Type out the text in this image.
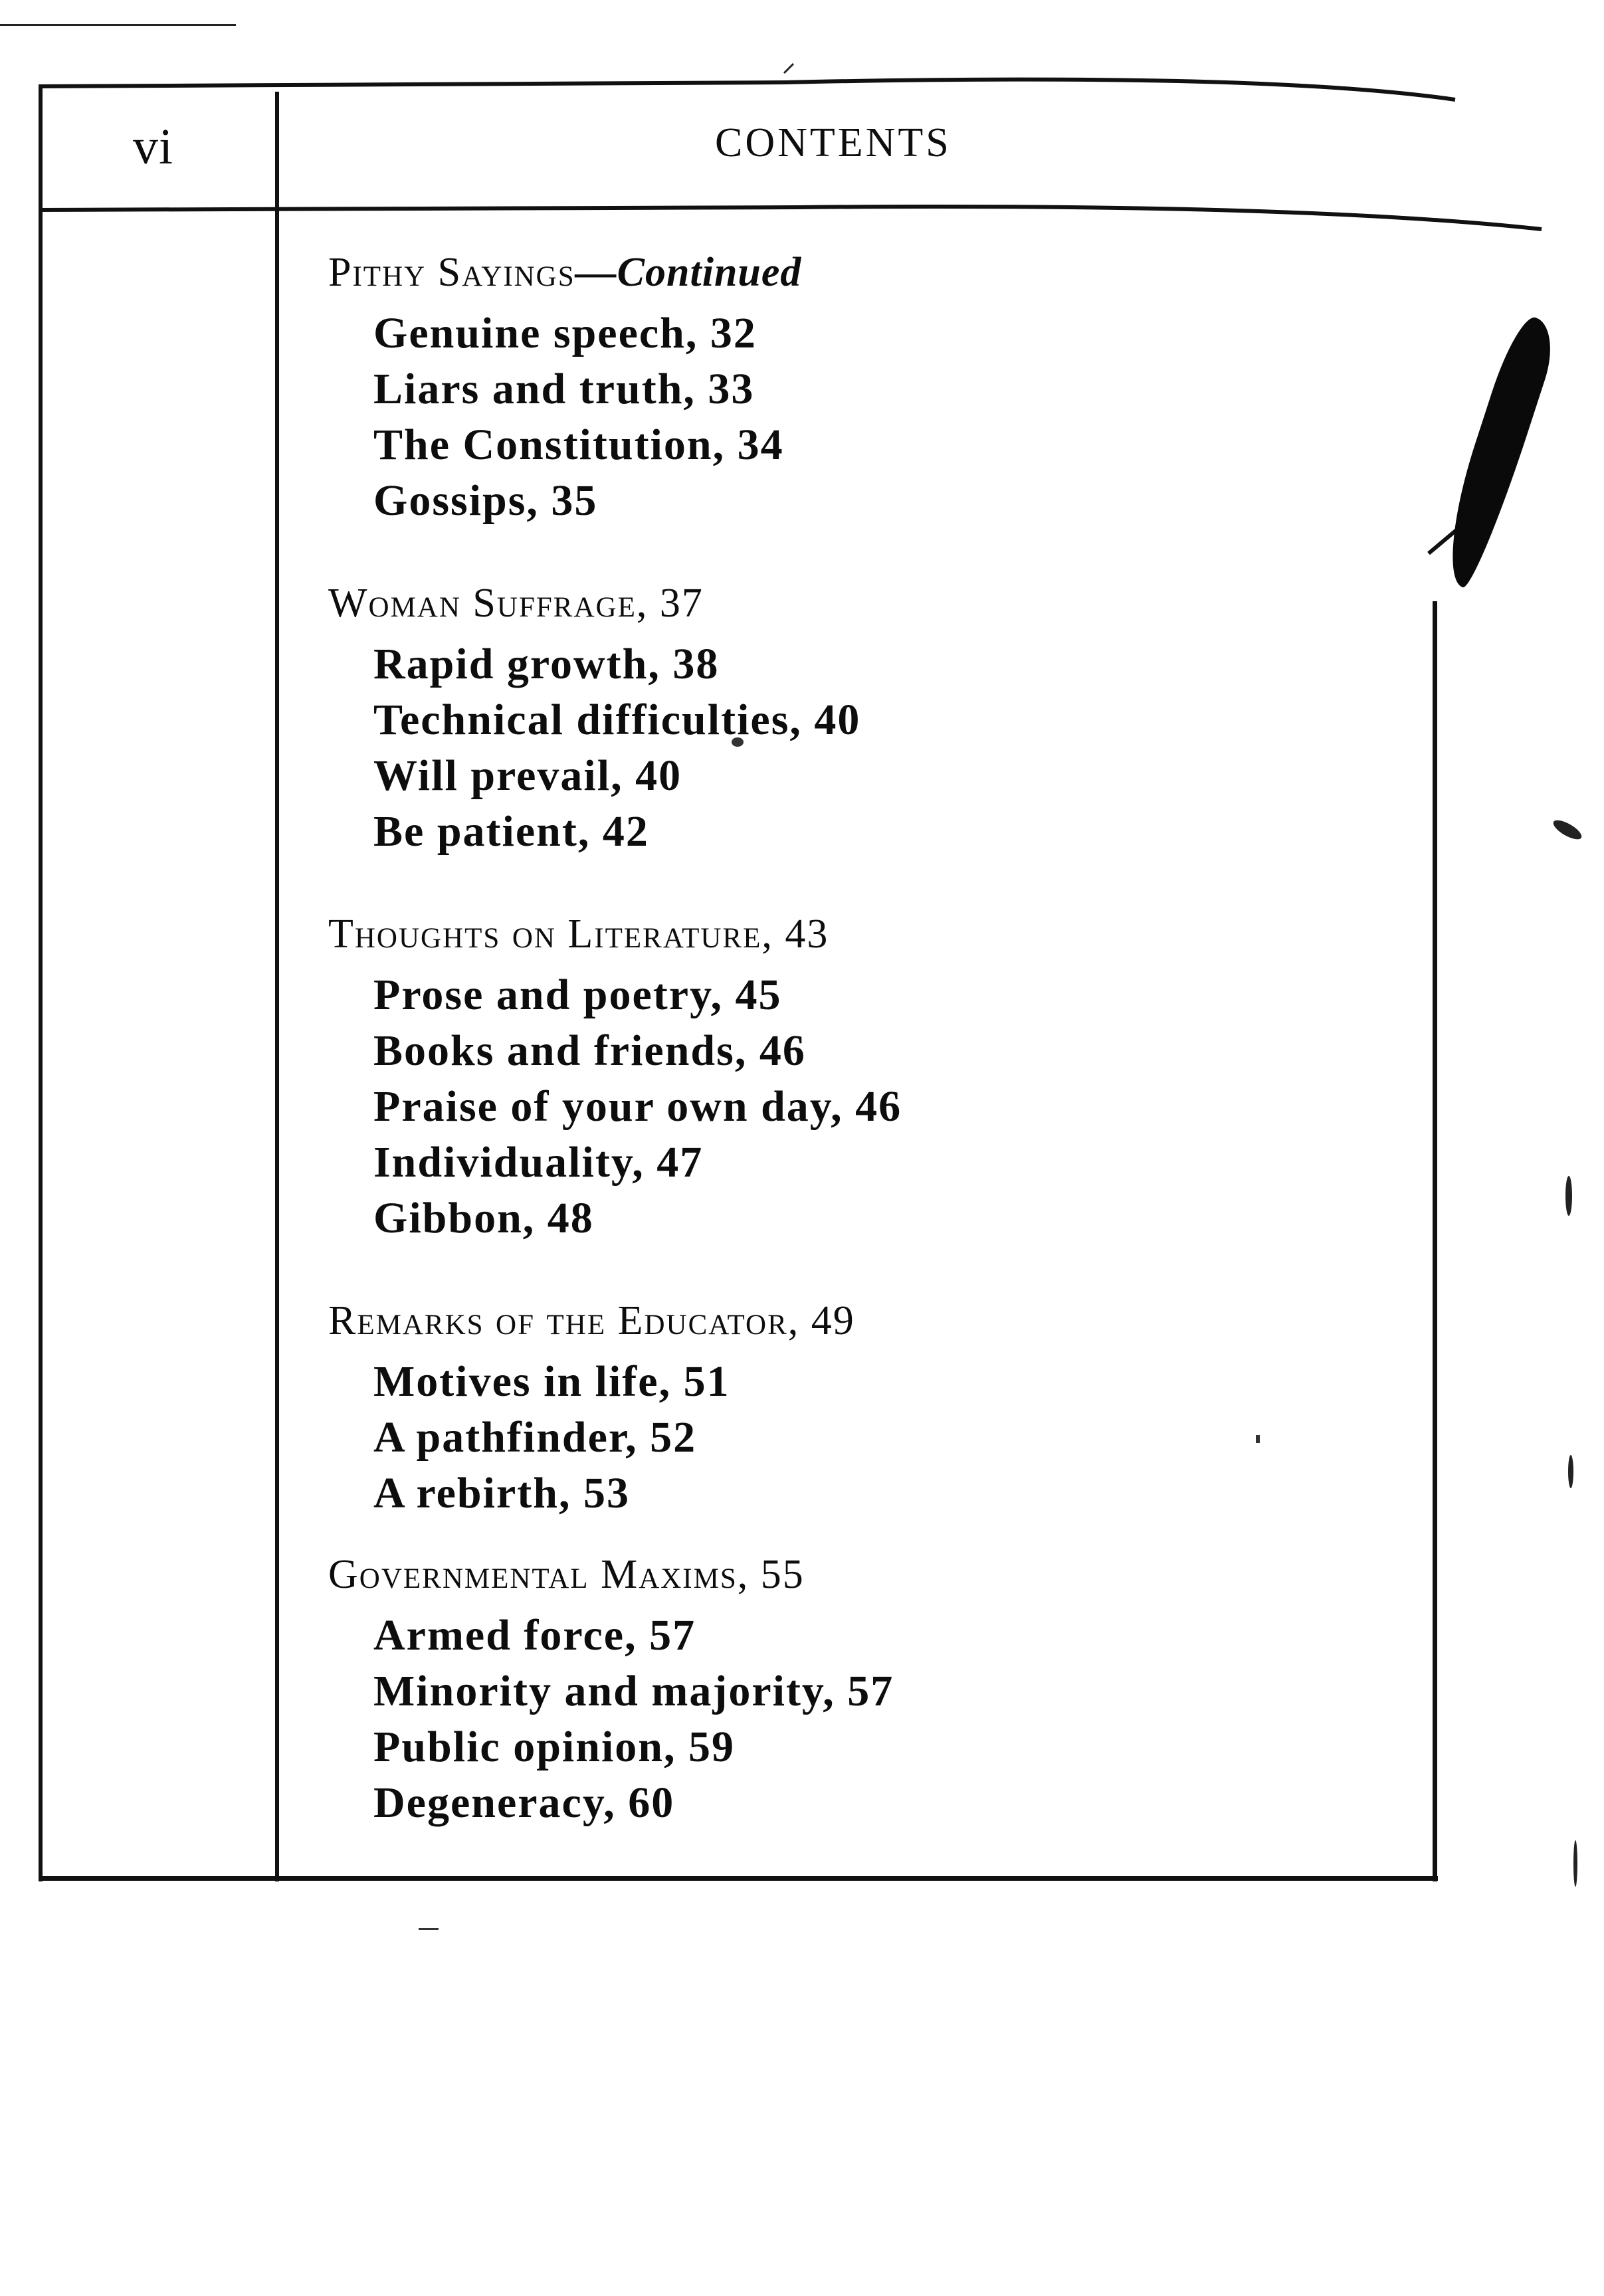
vi	CONTENTS
Pithy Sayings—Continued
Genuine speech, 32
Liars and truth, 33
The Constitution, 34
Gossips, 35
Woman Suffrage, 37
Rapid growth, 38
Technical difficulties, 40
Will prevail, 40
Be patient, 42
Thoughts on Literature, 43
Prose and poetry, 45
Books and friends, 46
Praise of your own day, 46
Individuality, 47
Gibbon, 48
Remarks of the Educator, 49
Motives in life, 51
A pathfinder, 52
A rebirth, 53
Governmental Maxims, 55
Armed force, 57
Minority and majority, 57
Public opinion, 59
Degeneracy, 60
